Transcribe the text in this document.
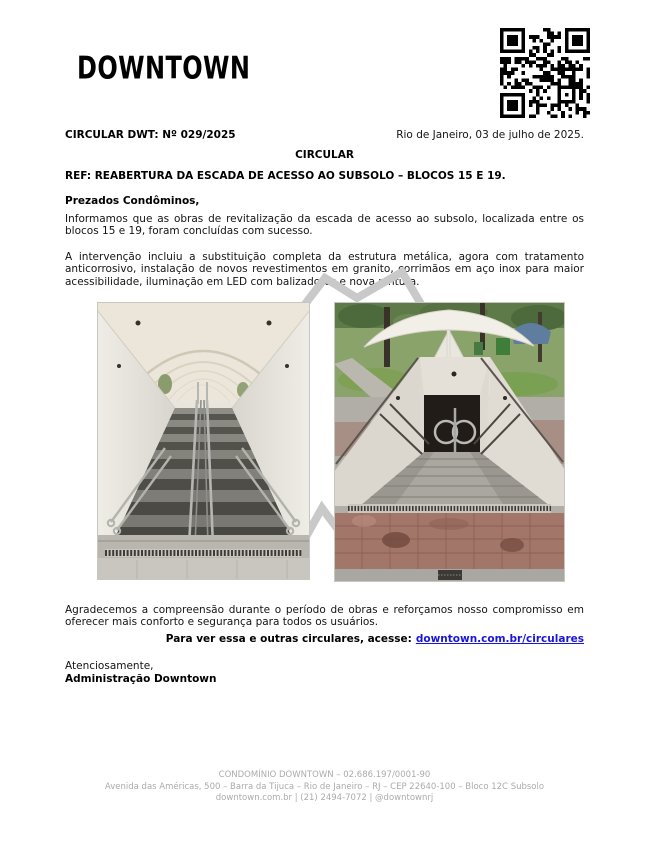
DOWNTOWN
CIRCULAR DWT: Nº 029/2025	Rio de Janeiro, 03 de julho de 2025.
CIRCULAR
REF: REABERTURA DA ESCADA DE ACESSO AO SUBSOLO – BLOCOS 15 E 19.
Prezados Condôminos,
Informamos que as obras de revitalização da escada de acesso ao subsolo, localizada entre os blocos 15 e 19, foram concluídas com sucesso.
A intervenção incluiu a substituição completa da estrutura metálica, agora com tratamento anticorrosivo, instalação de novos revestimentos em granito, corrimãos em aço inox para maior acessibilidade, iluminação em LED com balizadores e nova pintura.
Agradecemos a compreensão durante o período de obras e reforçamos nosso compromisso em oferecer mais conforto e segurança para todos os usuários.
Para ver essa e outras circulares, acesse: downtown.com.br/circulares
Atenciosamente,
Administração Downtown
CONDOMÍNIO DOWNTOWN – 02.686.197/0001-90
Avenida das Américas, 500 – Barra da Tijuca – Rio de Janeiro – RJ – CEP 22640-100 – Bloco 12C Subsolo
downtown.com.br | (21) 2494-7072 | @downtownrj
